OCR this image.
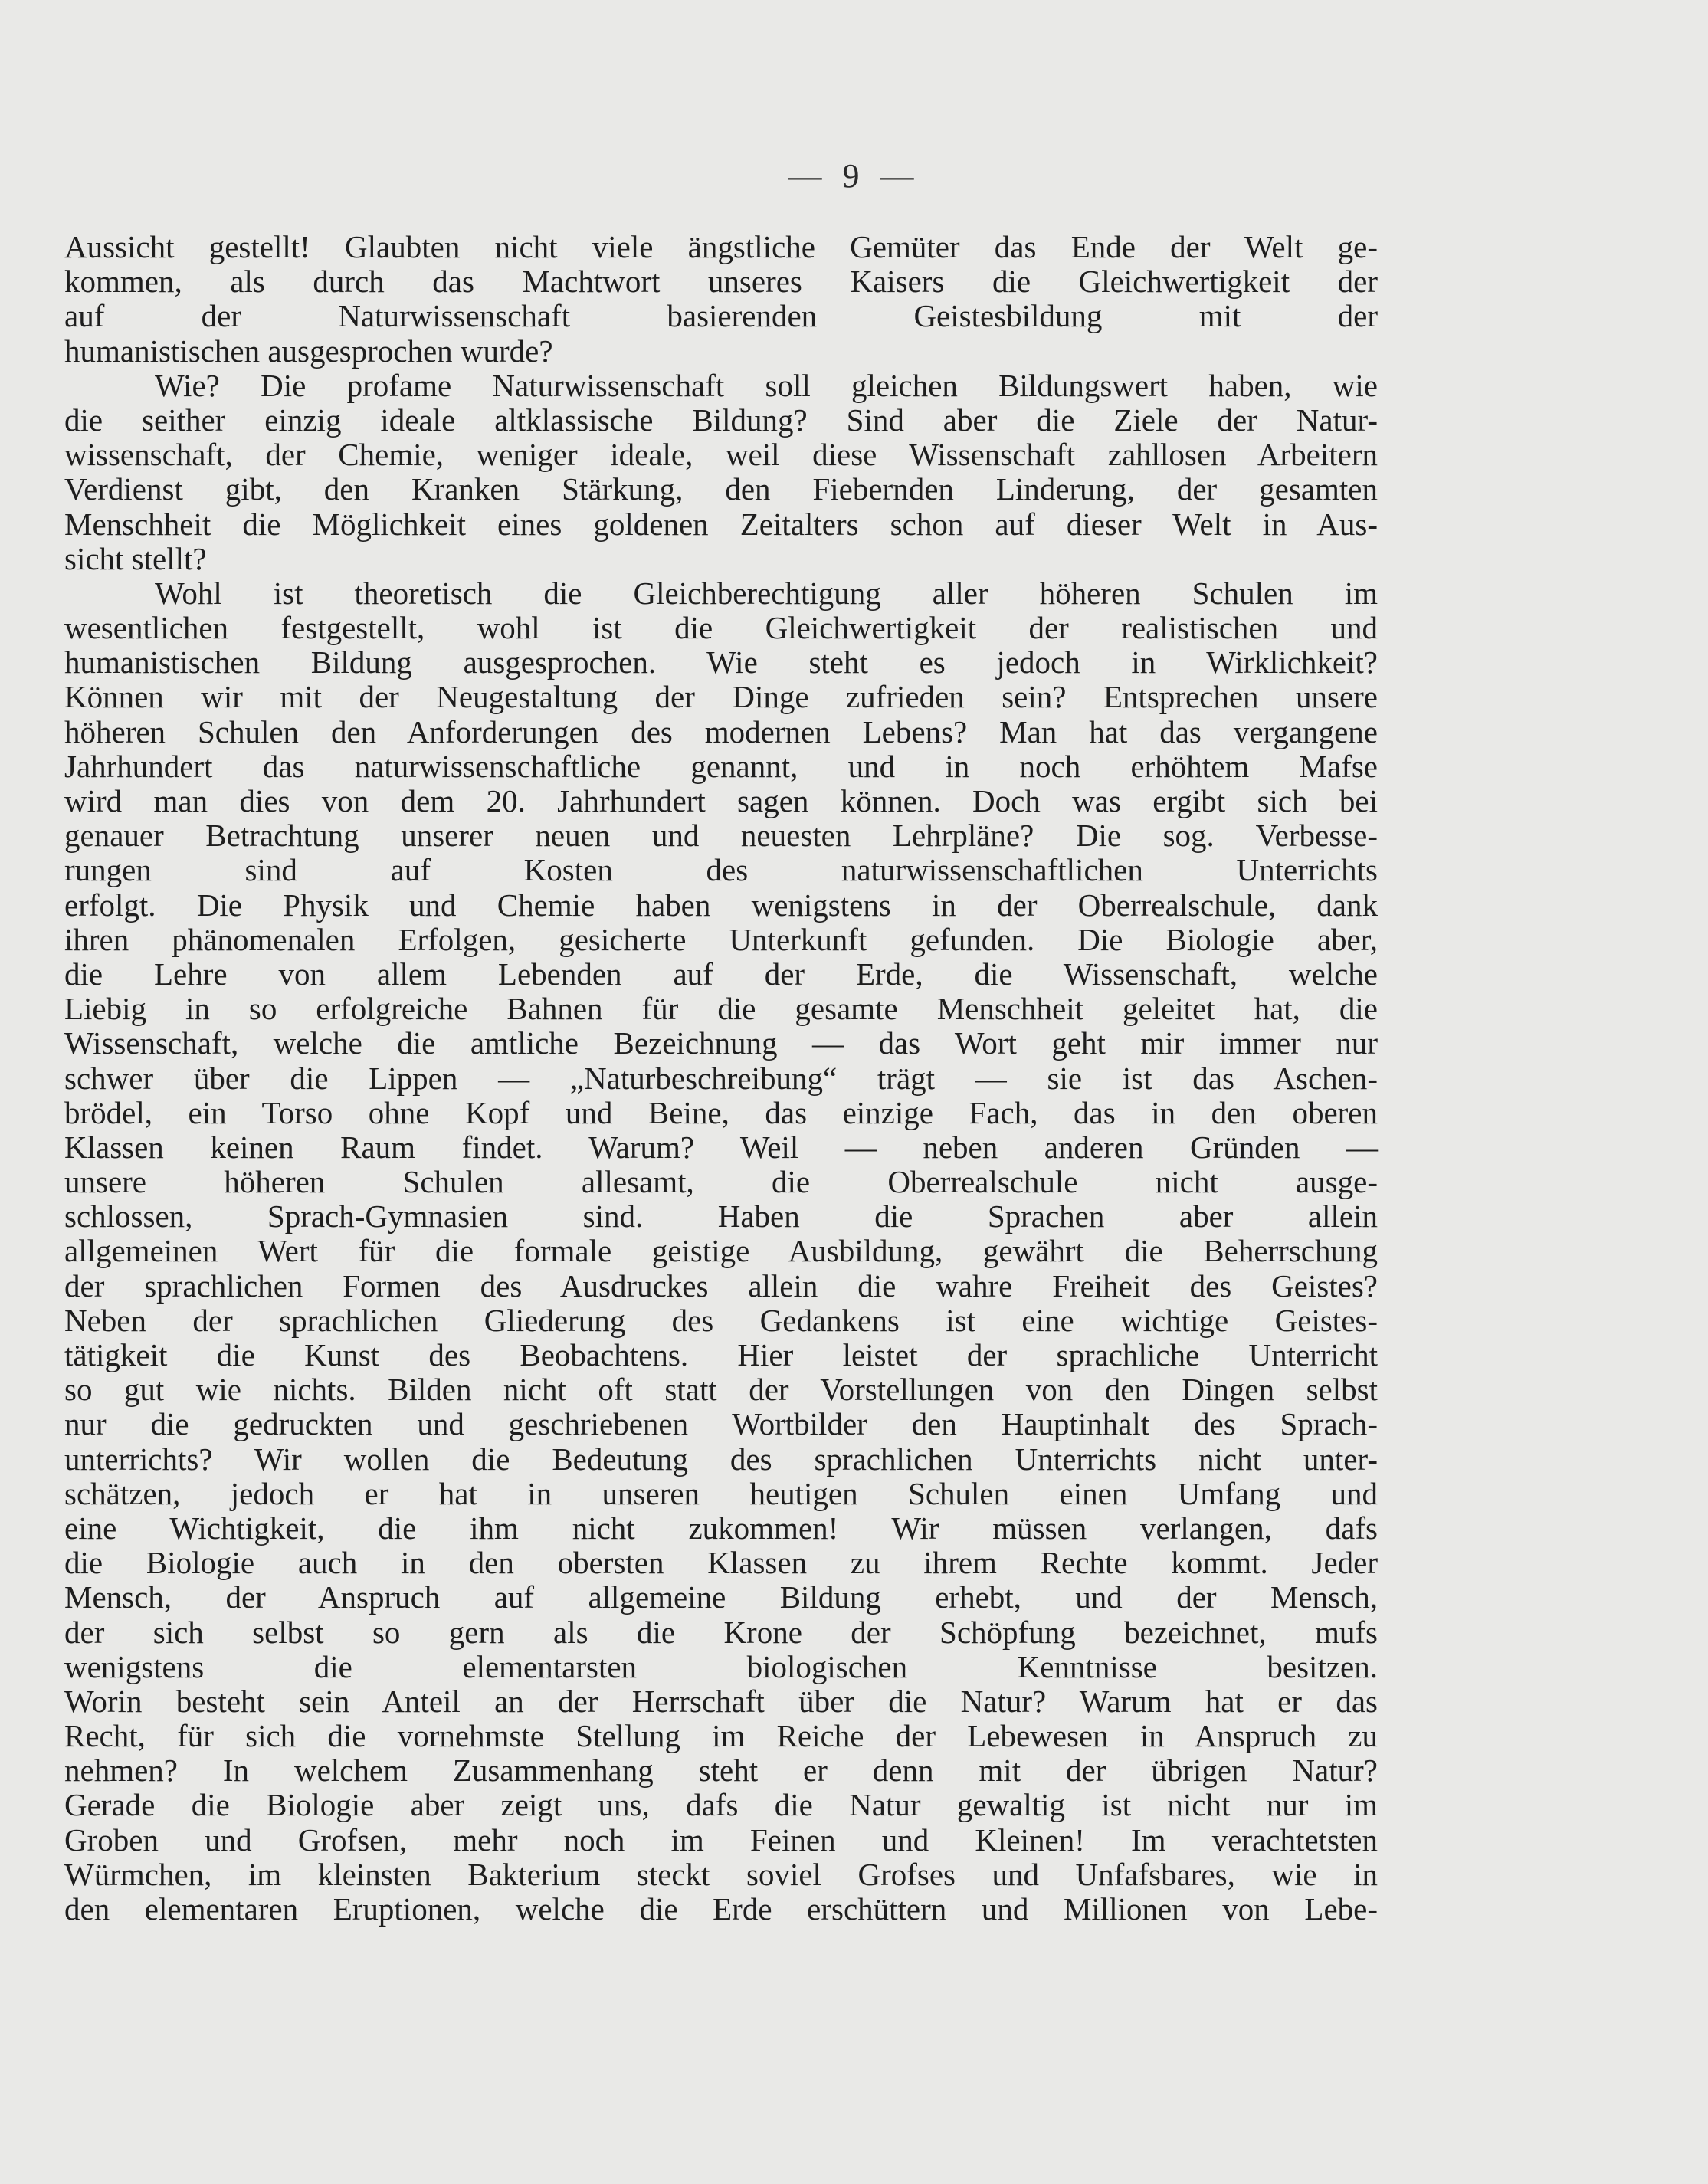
— 9 —
Aussicht gestellt! Glaubten nicht viele ängstliche Gemüter das Ende der Welt ge-
kommen, als durch das Machtwort unseres Kaisers die Gleichwertigkeit der
auf der Naturwissenschaft basierenden Geistesbildung mit der
humanistischen ausgesprochen wurde?
Wie? Die profame Naturwissenschaft soll gleichen Bildungswert haben, wie
die seither einzig ideale altklassische Bildung? Sind aber die Ziele der Natur-
wissenschaft, der Chemie, weniger ideale, weil diese Wissenschaft zahllosen Arbeitern
Verdienst gibt, den Kranken Stärkung, den Fiebernden Linderung, der gesamten
Menschheit die Möglichkeit eines goldenen Zeitalters schon auf dieser Welt in Aus-
sicht stellt?
Wohl ist theoretisch die Gleichberechtigung aller höheren Schulen im
wesentlichen festgestellt, wohl ist die Gleichwertigkeit der realistischen und
humanistischen Bildung ausgesprochen. Wie steht es jedoch in Wirklichkeit?
Können wir mit der Neugestaltung der Dinge zufrieden sein? Entsprechen unsere
höheren Schulen den Anforderungen des modernen Lebens? Man hat das vergangene
Jahrhundert das naturwissenschaftliche genannt, und in noch erhöhtem Mafse
wird man dies von dem 20. Jahrhundert sagen können. Doch was ergibt sich bei
genauer Betrachtung unserer neuen und neuesten Lehrpläne? Die sog. Verbesse-
rungen sind auf Kosten des naturwissenschaftlichen Unterrichts
erfolgt. Die Physik und Chemie haben wenigstens in der Oberrealschule, dank
ihren phänomenalen Erfolgen, gesicherte Unterkunft gefunden. Die Biologie aber,
die Lehre von allem Lebenden auf der Erde, die Wissenschaft, welche
Liebig in so erfolgreiche Bahnen für die gesamte Menschheit geleitet hat, die
Wissenschaft, welche die amtliche Bezeichnung — das Wort geht mir immer nur
schwer über die Lippen — „Naturbeschreibung“ trägt — sie ist das Aschen-
brödel, ein Torso ohne Kopf und Beine, das einzige Fach, das in den oberen
Klassen keinen Raum findet. Warum? Weil — neben anderen Gründen —
unsere höheren Schulen allesamt, die Oberrealschule nicht ausge-
schlossen, Sprach-Gymnasien sind. Haben die Sprachen aber allein
allgemeinen Wert für die formale geistige Ausbildung, gewährt die Beherrschung
der sprachlichen Formen des Ausdruckes allein die wahre Freiheit des Geistes?
Neben der sprachlichen Gliederung des Gedankens ist eine wichtige Geistes-
tätigkeit die Kunst des Beobachtens. Hier leistet der sprachliche Unterricht
so gut wie nichts. Bilden nicht oft statt der Vorstellungen von den Dingen selbst
nur die gedruckten und geschriebenen Wortbilder den Hauptinhalt des Sprach-
unterrichts? Wir wollen die Bedeutung des sprachlichen Unterrichts nicht unter-
schätzen, jedoch er hat in unseren heutigen Schulen einen Umfang und
eine Wichtigkeit, die ihm nicht zukommen! Wir müssen verlangen, dafs
die Biologie auch in den obersten Klassen zu ihrem Rechte kommt. Jeder
Mensch, der Anspruch auf allgemeine Bildung erhebt, und der Mensch,
der sich selbst so gern als die Krone der Schöpfung bezeichnet, mufs
wenigstens die elementarsten biologischen Kenntnisse besitzen.
Worin besteht sein Anteil an der Herrschaft über die Natur? Warum hat er das
Recht, für sich die vornehmste Stellung im Reiche der Lebewesen in Anspruch zu
nehmen? In welchem Zusammenhang steht er denn mit der übrigen Natur?
Gerade die Biologie aber zeigt uns, dafs die Natur gewaltig ist nicht nur im
Groben und Grofsen, mehr noch im Feinen und Kleinen! Im verachtetsten
Würmchen, im kleinsten Bakterium steckt soviel Grofses und Unfafsbares, wie in
den elementaren Eruptionen, welche die Erde erschüttern und Millionen von Lebe-
